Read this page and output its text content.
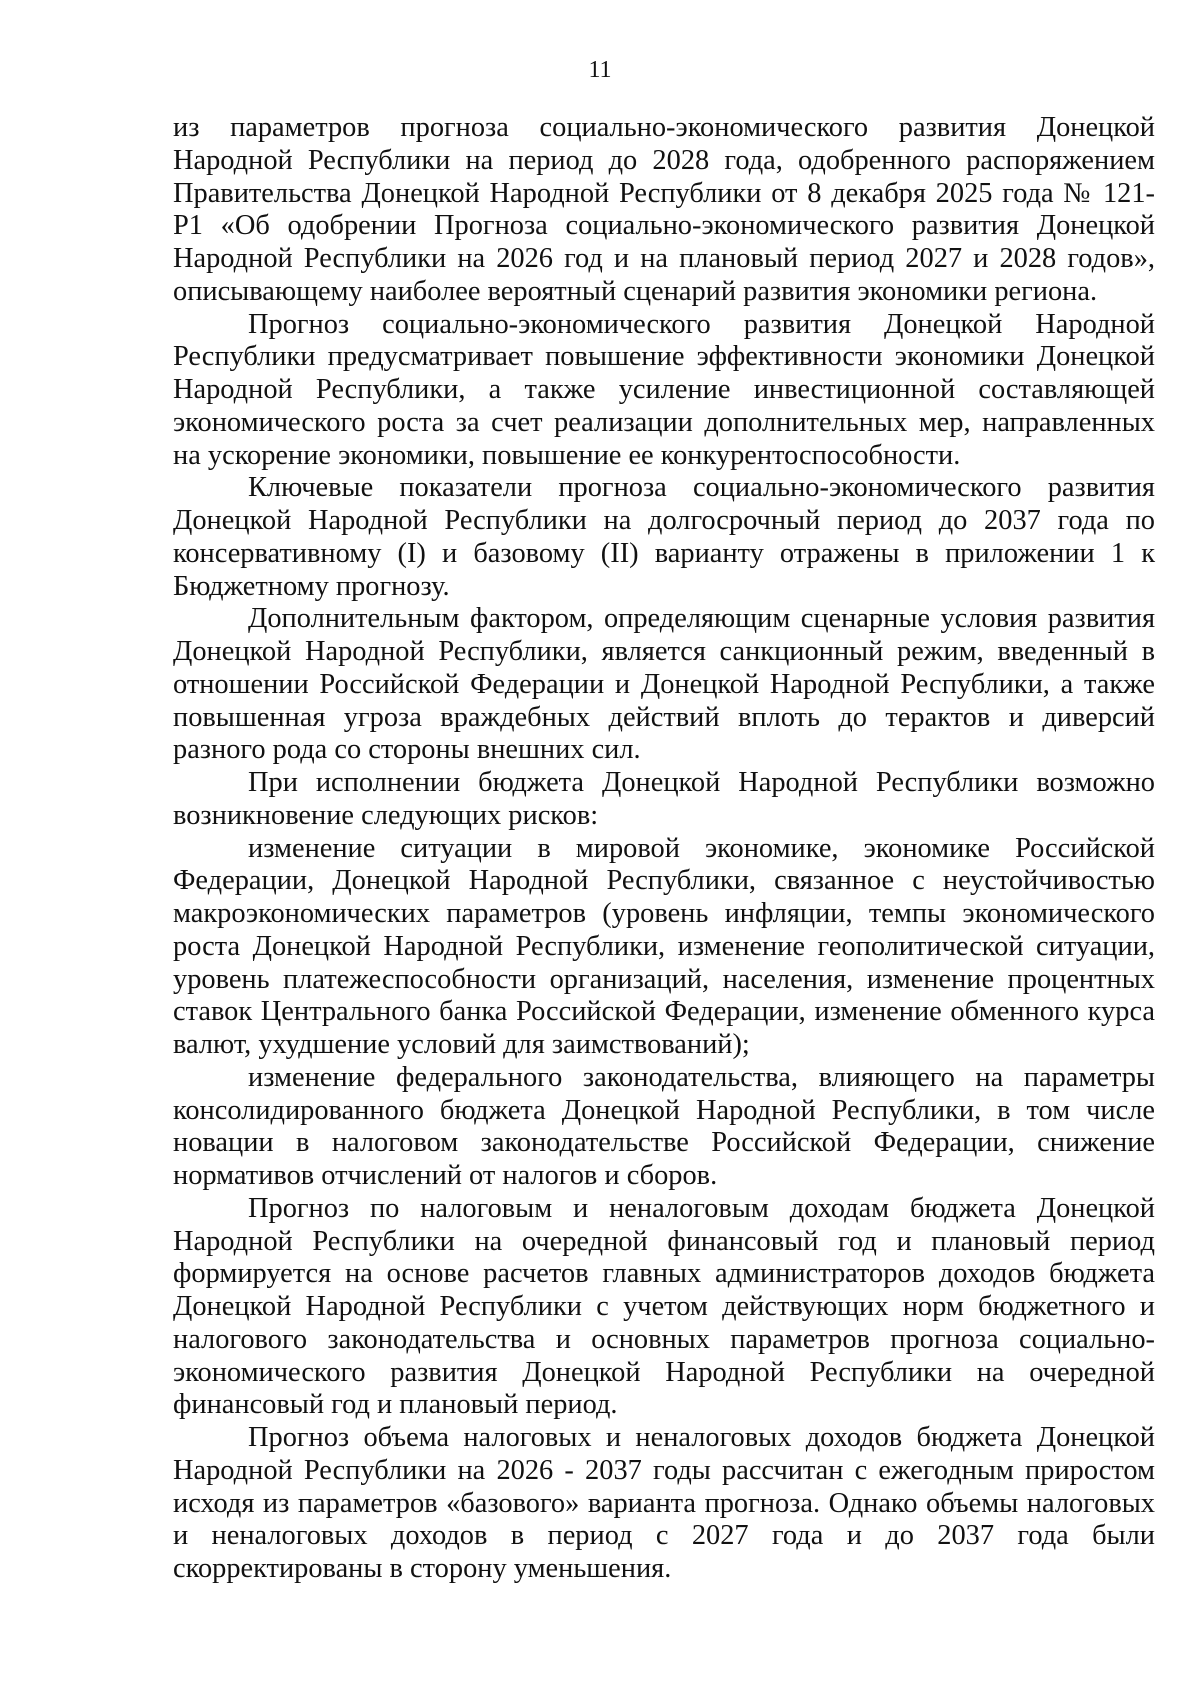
11

из параметров прогноза социально-экономического развития Донецкой Народной Республики на период до 2028 года, одобренного распоряжением Правительства Донецкой Народной Республики от 8 декабря 2025 года № 121-Р1 «Об одобрении Прогноза социально-экономического развития Донецкой Народной Республики на 2026 год и на плановый период 2027 и 2028 годов», описывающему наиболее вероятный сценарий развития экономики региона.

Прогноз социально-экономического развития Донецкой Народной Республики предусматривает повышение эффективности экономики Донецкой Народной Республики, а также усиление инвестиционной составляющей экономического роста за счет реализации дополнительных мер, направленных на ускорение экономики, повышение ее конкурентоспособности.

Ключевые показатели прогноза социально-экономического развития Донецкой Народной Республики на долгосрочный период до 2037 года по консервативному (I) и базовому (II) варианту отражены в приложении 1 к Бюджетному прогнозу.

Дополнительным фактором, определяющим сценарные условия развития Донецкой Народной Республики, является санкционный режим, введенный в отношении Российской Федерации и Донецкой Народной Республики, а также повышенная угроза враждебных действий вплоть до терактов и диверсий разного рода со стороны внешних сил.

При исполнении бюджета Донецкой Народной Республики возможно возникновение следующих рисков:

изменение ситуации в мировой экономике, экономике Российской Федерации, Донецкой Народной Республики, связанное с неустойчивостью макроэкономических параметров (уровень инфляции, темпы экономического роста Донецкой Народной Республики, изменение геополитической ситуации, уровень платежеспособности организаций, населения, изменение процентных ставок Центрального банка Российской Федерации, изменение обменного курса валют, ухудшение условий для заимствований);

изменение федерального законодательства, влияющего на параметры консолидированного бюджета Донецкой Народной Республики, в том числе новации в налоговом законодательстве Российской Федерации, снижение нормативов отчислений от налогов и сборов.

Прогноз по налоговым и неналоговым доходам бюджета Донецкой Народной Республики на очередной финансовый год и плановый период формируется на основе расчетов главных администраторов доходов бюджета Донецкой Народной Республики с учетом действующих норм бюджетного и налогового законодательства и основных параметров прогноза социально-экономического развития Донецкой Народной Республики на очередной финансовый год и плановый период.

Прогноз объема налоговых и неналоговых доходов бюджета Донецкой Народной Республики на 2026 - 2037 годы рассчитан с ежегодным приростом исходя из параметров «базового» варианта прогноза. Однако объемы налоговых и неналоговых доходов в период с 2027 года и до 2037 года были скорректированы в сторону уменьшения.
